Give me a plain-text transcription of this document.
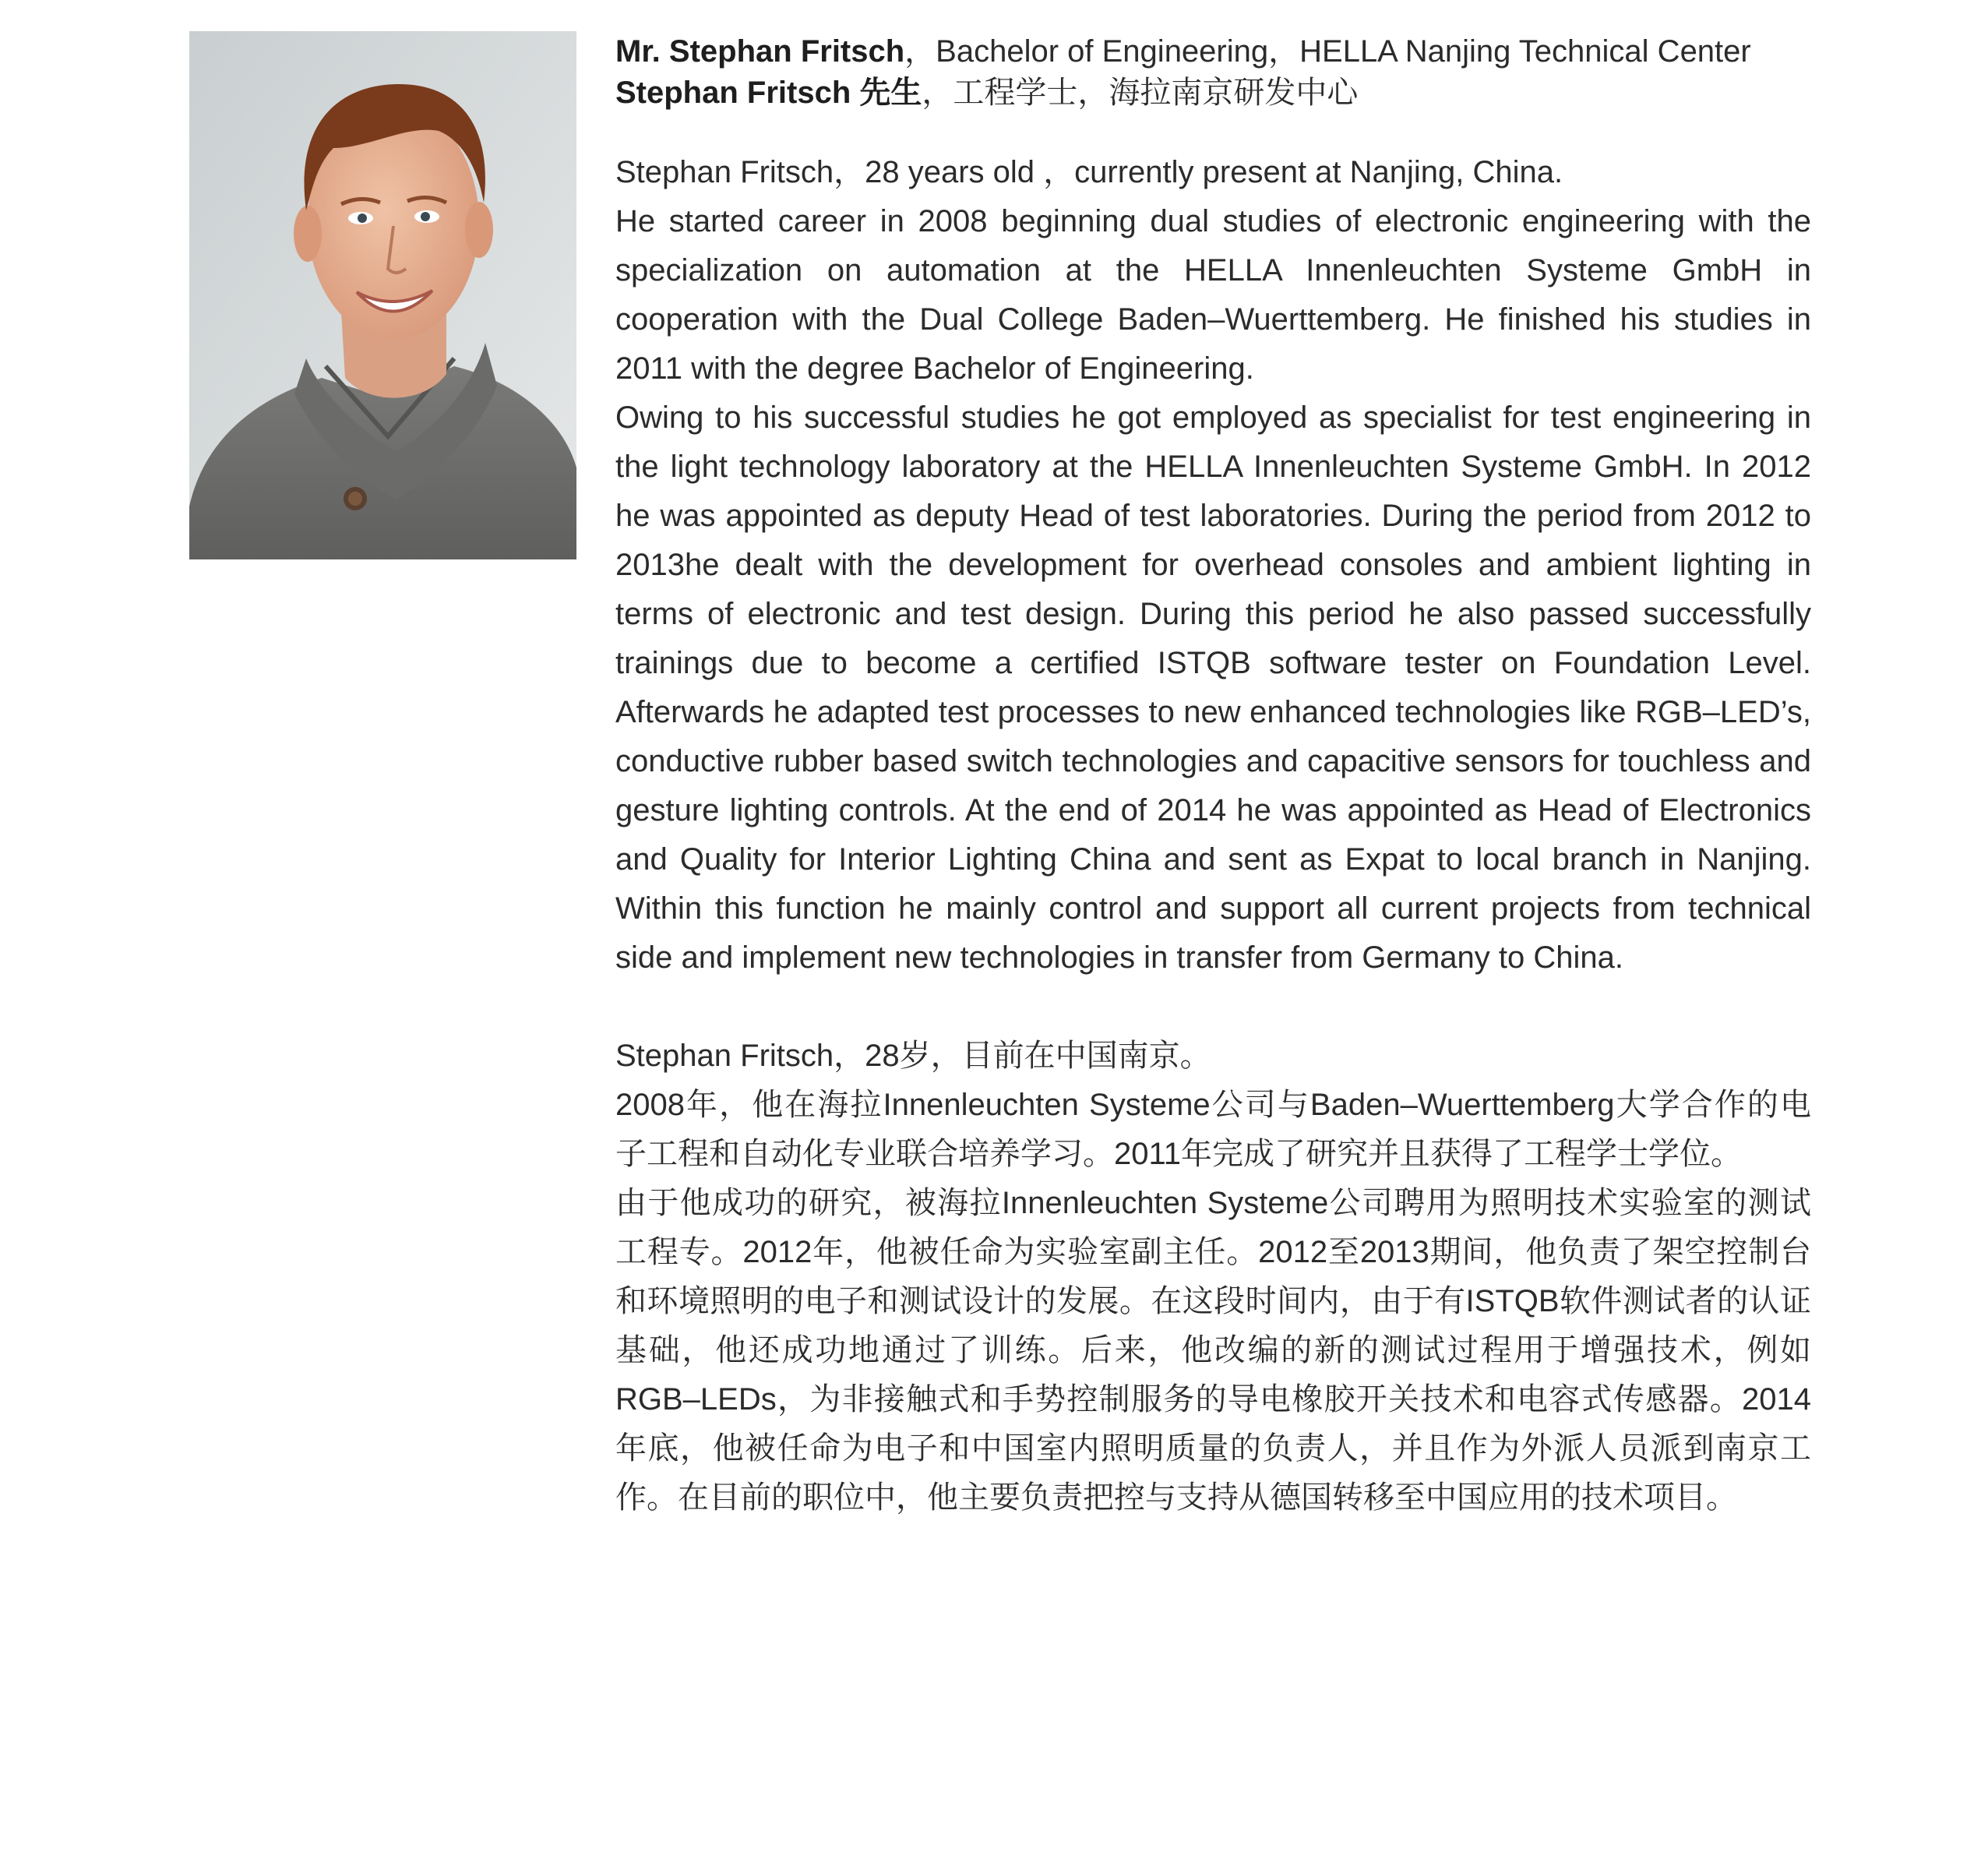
Mr. Stephan Fritsch，Bachelor of Engineering，HELLA Nanjing Technical Center

Stephan Fritsch 先生，工程学士，海拉南京研发中心

Stephan Fritsch，28 years old ，currently present at Nanjing, China.

He started career in 2008 beginning dual studies of electronic engineering with the specialization on automation at the HELLA Innenleuchten Systeme GmbH in cooperation with the Dual College Baden–Wuerttemberg. He finished his studies in 2011 with the degree Bachelor of Engineering.

Owing to his successful studies he got employed as specialist for test engineering in the light technology laboratory at the HELLA Innenleuchten Systeme GmbH. In 2012 he was appointed as deputy Head of test laboratories. During the period from 2012 to 2013he dealt with the development for overhead consoles and ambient lighting in terms of electronic and test design. During this period he also passed successfully trainings due to become a certified ISTQB software tester on Foundation Level. Afterwards he adapted test processes to new enhanced technologies like RGB–LED’s, conductive rubber based switch technologies and capacitive sensors for touchless and gesture lighting controls. At the end of 2014 he was appointed as Head of Electronics and Quality for Interior Lighting China and sent as Expat to local branch in Nanjing. Within this function he mainly control and support all current projects from technical side and implement new technologies in transfer from Germany to China.

Stephan Fritsch，28岁，目前在中国南京。

2008年，他在海拉Innenleuchten Systeme公司与Baden–Wuerttemberg大学合作的电子工程和自动化专业联合培养学习。2011年完成了研究并且获得了工程学士学位。

由于他成功的研究，被海拉Innenleuchten Systeme公司聘用为照明技术实验室的测试工程专。2012年，他被任命为实验室副主任。2012至2013期间，他负责了架空控制台和环境照明的电子和测试设计的发展。在这段时间内，由于有ISTQB软件测试者的认证基础，他还成功地通过了训练。后来，他改编的新的测试过程用于增强技术，例如RGB–LEDs，为非接触式和手势控制服务的导电橡胶开关技术和电容式传感器。2014年底，他被任命为电子和中国室内照明质量的负责人，并且作为外派人员派到南京工作。在目前的职位中，他主要负责把控与支持从德国转移至中国应用的技术项目。
